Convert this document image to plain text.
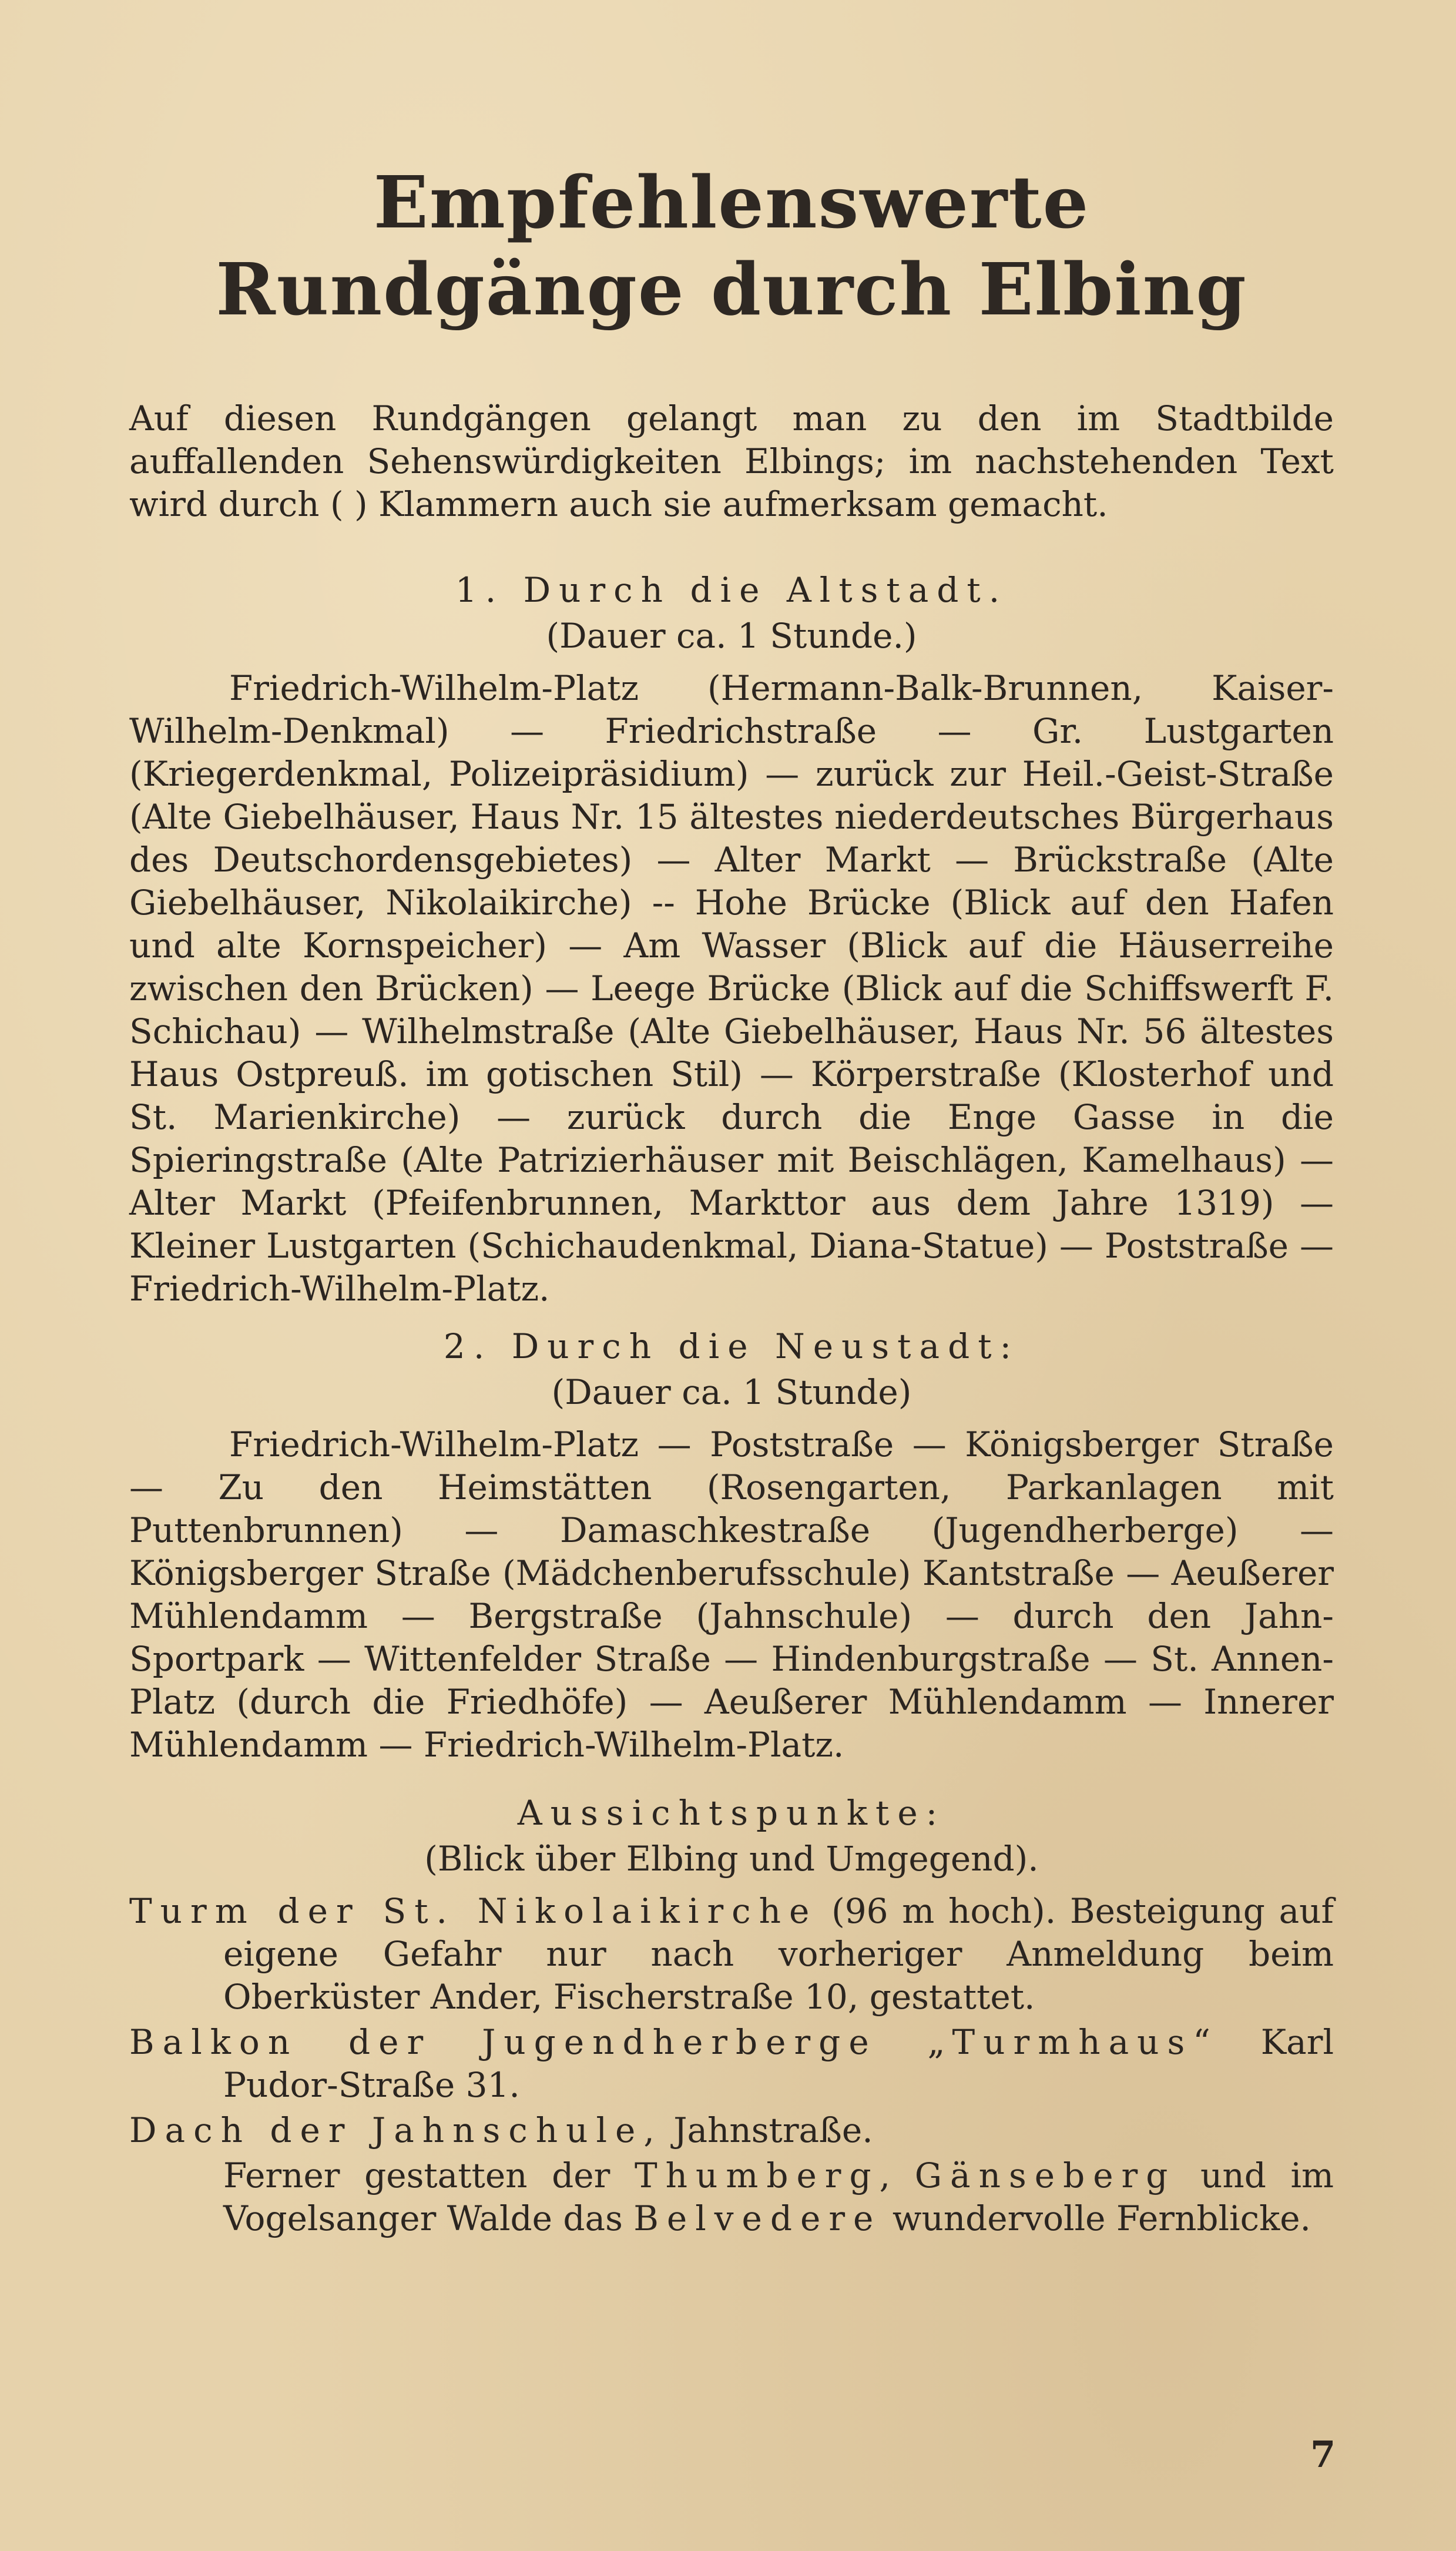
Empfehlenswerte Rundgänge durch Elbing

Auf diesen Rundgängen gelangt man zu den im Stadtbilde auffallenden Sehenswürdigkeiten Elbings; im nachstehenden Text wird durch ( ) Klammern auch sie aufmerksam gemacht.

1. Durch die Altstadt.
(Dauer ca. 1 Stunde.)

Friedrich-Wilhelm-Platz (Hermann-Balk-Brunnen, Kaiser-Wilhelm-Denkmal) — Friedrichstraße — Gr. Lustgarten (Kriegerdenkmal, Polizeipräsidium) — zurück zur Heil.-Geist-Straße (Alte Giebelhäuser, Haus Nr. 15 ältestes niederdeutsches Bürgerhaus des Deutschordensgebietes) — Alter Markt — Brückstraße (Alte Giebelhäuser, Nikolaikirche) -- Hohe Brücke (Blick auf den Hafen und alte Kornspeicher) — Am Wasser (Blick auf die Häuserreihe zwischen den Brücken) — Leege Brücke (Blick auf die Schiffswerft F. Schichau) — Wilhelmstraße (Alte Giebelhäuser, Haus Nr. 56 ältestes Haus Ostpreuß. im gotischen Stil) — Körperstraße (Klosterhof und St. Marienkirche) — zurück durch die Enge Gasse in die Spieringstraße (Alte Patrizierhäuser mit Beischlägen, Kamelhaus) — Alter Markt (Pfeifenbrunnen, Markttor aus dem Jahre 1319) — Kleiner Lustgarten (Schichaudenkmal, Diana-Statue) — Poststraße — Friedrich-Wilhelm-Platz.

2. Durch die Neustadt:
(Dauer ca. 1 Stunde)

Friedrich-Wilhelm-Platz — Poststraße — Königsberger Straße — Zu den Heimstätten (Rosengarten, Parkanlagen mit Puttenbrunnen) — Damaschkestraße (Jugendherberge) — Königsberger Straße (Mädchenberufsschule) Kantstraße — Aeußerer Mühlendamm — Bergstraße (Jahnschule) — durch den Jahn-Sportpark — Wittenfelder Straße — Hindenburgstraße — St. Annen-Platz (durch die Friedhöfe) — Aeußerer Mühlendamm — Innerer Mühlendamm — Friedrich-Wilhelm-Platz.

Aussichtspunkte:
(Blick über Elbing und Umgegend).
Turm der St. Nikolaikirche (96 m hoch). Besteigung auf eigene Gefahr nur nach vorheriger Anmeldung beim Oberküster Ander, Fischerstraße 10, gestattet.
Balkon der Jugendherberge „Turmhaus“ Karl Pudor-Straße 31.
Dach der Jahnschule, Jahnstraße.

Ferner gestatten der Thumberg, Gänseberg und im Vogelsanger Walde das Belvedere wundervolle Fernblicke.

7
